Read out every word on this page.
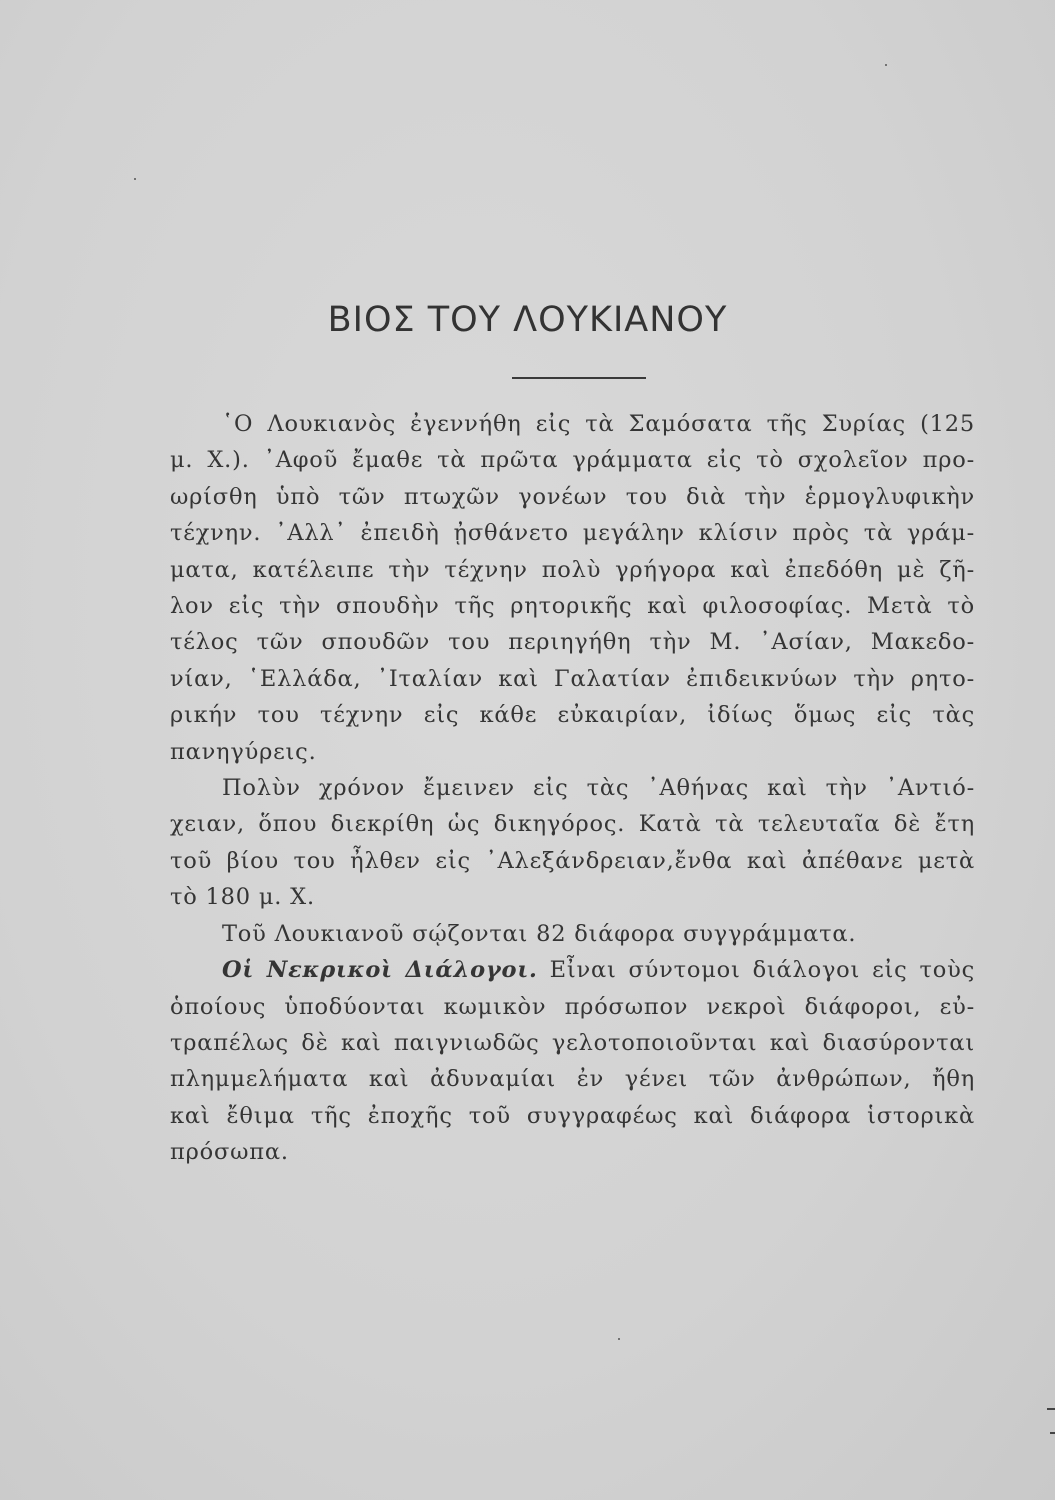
ΒΙΟΣ ΤΟΥ ΛΟΥΚΙΑΝΟΥ

῾Ο Λουκιανὸς ἐγεννήθη εἰς τὰ Σαμόσατα τῆς Συρίας (125
μ. Χ.). ᾿Αφοῦ ἔμαθε τὰ πρῶτα γράμματα εἰς τὸ σχολεῖον προ-
ωρίσθη ὑπὸ τῶν πτωχῶν γονέων του διὰ τὴν ἑρμογλυφικὴν
τέχνην. ᾿Αλλ᾿ ἐπειδὴ ᾐσθάνετο μεγάλην κλίσιν πρὸς τὰ γράμ-
ματα, κατέλειπε τὴν τέχνην πολὺ γρήγορα καὶ ἐπεδόθη μὲ ζῆ-
λον εἰς τὴν σπουδὴν τῆς ρητορικῆς καὶ φιλοσοφίας. Μετὰ τὸ
τέλος τῶν σπουδῶν του περιηγήθη τὴν Μ. ᾿Ασίαν, Μακεδο-
νίαν, ῾Ελλάδα, ᾿Ιταλίαν καὶ Γαλατίαν ἐπιδεικνύων τὴν ρητο-
ρικήν του τέχνην εἰς κάθε εὐκαιρίαν, ἰδίως ὅμως εἰς τὰς
πανηγύρεις.

Πολὺν χρόνον ἔμεινεν εἰς τὰς ᾿Αθήνας καὶ τὴν ᾿Αντιό-
χειαν, ὅπου διεκρίθη ὡς δικηγόρος. Κατὰ τὰ τελευταῖα δὲ ἔτη
τοῦ βίου του ἦλθεν εἰς ᾿Αλεξάνδρειαν,ἔνθα καὶ ἀπέθανε μετὰ
τὸ 180 μ. Χ.

Τοῦ Λουκιανοῦ σῴζονται 82 διάφορα συγγράμματα.

Οἱ Νεκρικοὶ Διάλογοι. Εἶναι σύντομοι διάλογοι εἰς τοὺς
ὁποίους ὑποδύονται κωμικὸν πρόσωπον νεκροὶ διάφοροι, εὐ-
τραπέλως δὲ καὶ παιγνιωδῶς γελοτοποιοῦνται καὶ διασύρονται
πλημμελήματα καὶ ἀδυναμίαι ἐν γένει τῶν ἀνθρώπων, ἤθη
καὶ ἔθιμα τῆς ἐποχῆς τοῦ συγγραφέως καὶ διάφορα ἱστορικὰ
πρόσωπα.
